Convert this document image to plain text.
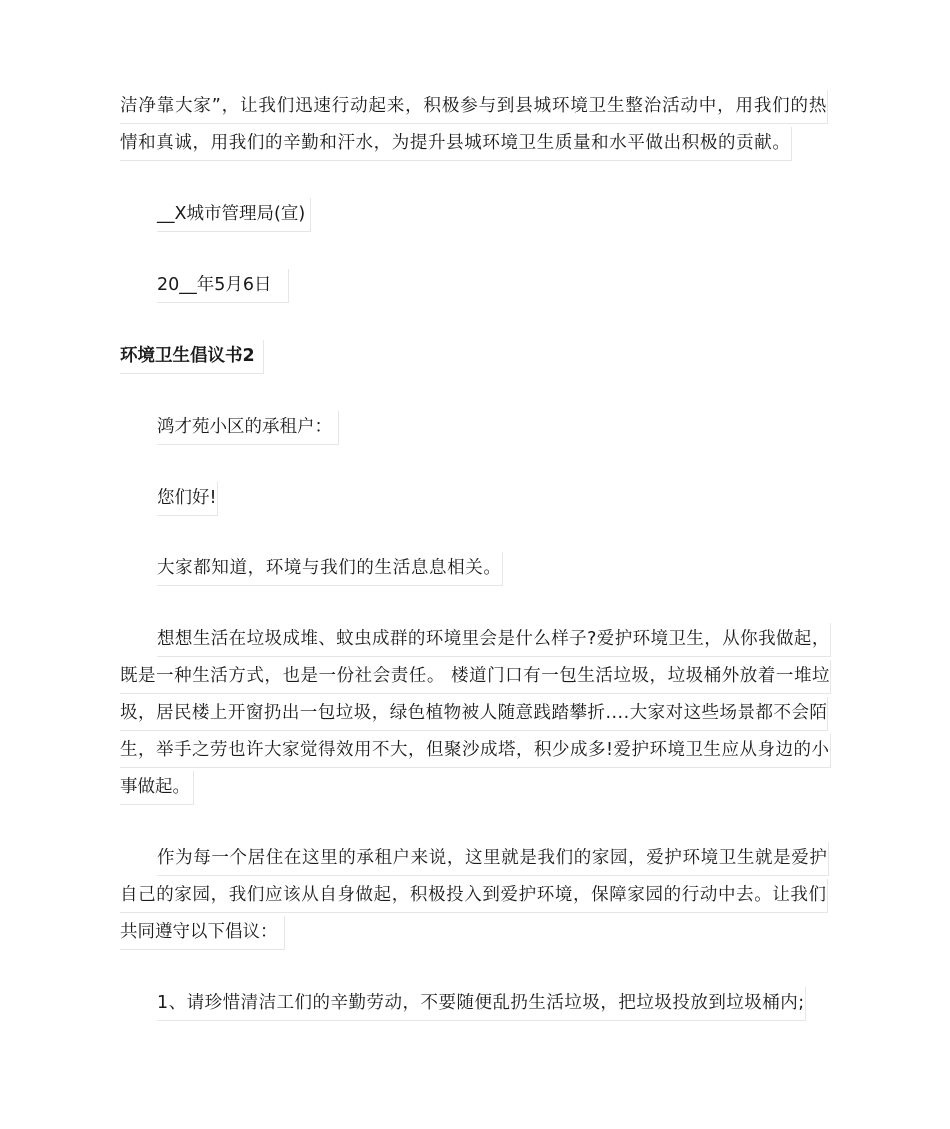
洁净靠大家”，让我们迅速行动起来，积极参与到县城环境卫生整治活动中，用我们的热
情和真诚，用我们的辛勤和汗水，为提升县城环境卫生质量和水平做出积极的贡献。
__X城市管理局(宣)
20__年5月6日
环境卫生倡议书2
鸿才苑小区的承租户：
您们好!
大家都知道，环境与我们的生活息息相关。
想想生活在垃圾成堆、蚊虫成群的环境里会是什么样子?爱护环境卫生，从你我做起，
既是一种生活方式，也是一份社会责任。 楼道门口有一包生活垃圾，垃圾桶外放着一堆垃
圾，居民楼上开窗扔出一包垃圾，绿色植物被人随意践踏攀折....大家对这些场景都不会陌
生，举手之劳也许大家觉得效用不大，但聚沙成塔，积少成多!爱护环境卫生应从身边的小
事做起。
作为每一个居住在这里的承租户来说，这里就是我们的家园，爱护环境卫生就是爱护
自己的家园，我们应该从自身做起，积极投入到爱护环境，保障家园的行动中去。让我们
共同遵守以下倡议：
1、请珍惜清洁工们的辛勤劳动，不要随便乱扔生活垃圾，把垃圾投放到垃圾桶内;
